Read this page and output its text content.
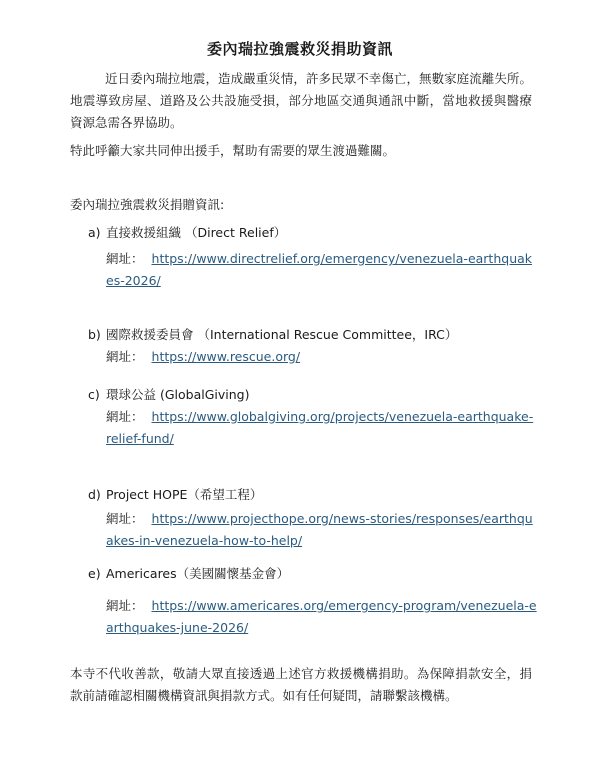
委內瑞拉強震救災捐助資訊
近日委內瑞拉地震，造成嚴重災情，許多民眾不幸傷亡，無數家庭流離失所。地震導致房屋、道路及公共設施受損，部分地區交通與通訊中斷，當地救援與醫療資源急需各界協助。
特此呼籲大家共同伸出援手，幫助有需要的眾生渡過難關。
委內瑞拉強震救災捐贈資訊:
a) 直接救援組織 （Direct Relief）
網址： https://www.directrelief.org/emergency/venezuela-earthquakes-2026/
b) 國際救援委員會 （International Rescue Committee，IRC）
網址： https://www.rescue.org/
c) 環球公益 (GlobalGiving)
網址： https://www.globalgiving.org/projects/venezuela-earthquake-relief-fund/
d) Project HOPE（希望工程）
網址： https://www.projecthope.org/news-stories/responses/earthquakes-in-venezuela-how-to-help/
e) Americares（美國關懷基金會）
網址： https://www.americares.org/emergency-program/venezuela-earthquakes-june-2026/
本寺不代收善款，敬請大眾直接透過上述官方救援機構捐助。為保障捐款安全，捐款前請確認相關機構資訊與捐款方式。如有任何疑問，請聯繫該機構。
